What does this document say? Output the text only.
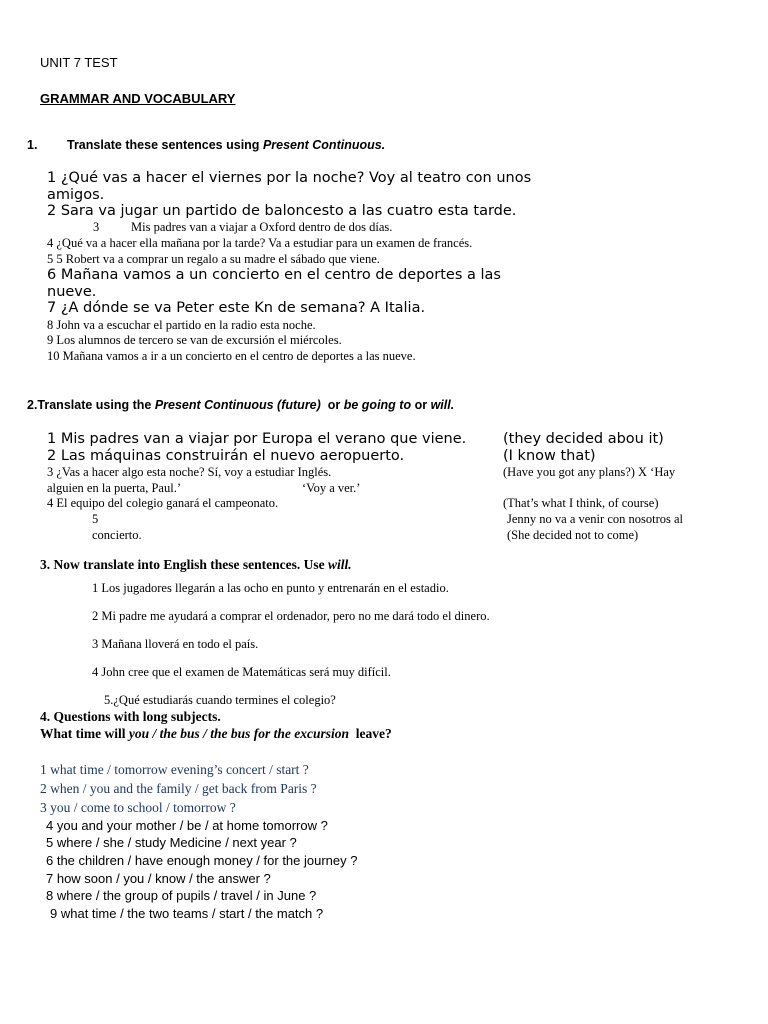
UNIT 7 TEST
GRAMMAR AND VOCABULARY
1. Translate these sentences using Present Continuous.
1 ¿Qué vas a hacer el viernes por la noche? Voy al teatro con unos
amigos.
2 Sara va jugar un partido de baloncesto a las cuatro esta tarde.
3	Mis padres van a viajar a Oxford dentro de dos días.
4 ¿Qué va a hacer ella mañana por la tarde? Va a estudiar para un examen de francés.
5 5 Robert va a comprar un regalo a su madre el sábado que viene.
6 Mañana vamos a un concierto en el centro de deportes a las
nueve.
7 ¿A dónde se va Peter este Kn de semana? A Italia.
8 John va a escuchar el partido en la radio esta noche.
9 Los alumnos de tercero se van de excursión el miércoles.
10 Mañana vamos a ir a un concierto en el centro de deportes a las nueve.
2.Translate using the Present Continuous (future) or be going to or will.
1 Mis padres van a viajar por Europa el verano que viene.	(they decided abou it)
2 Las máquinas construirán el nuevo aeropuerto.	(I know that)
3 ¿Vas a hacer algo esta noche? Sí, voy a estudiar Inglés.	(Have you got any plans?) X ‘Hay
alguien en la puerta, Paul.’	‘Voy a ver.’
4 El equipo del colegio ganará el campeonato.	(That’s what I think, of course)
5	Jenny no va a venir con nosotros al
concierto.	(She decided not to come)
3. Now translate into English these sentences. Use will.
1 Los jugadores llegarán a las ocho en punto y entrenarán en el estadio.
2 Mi padre me ayudará a comprar el ordenador, pero no me dará todo el dinero.
3 Mañana lloverá en todo el país.
4 John cree que el examen de Matemáticas será muy difícil.
5.¿Qué estudiarás cuando termines el colegio?
4. Questions with long subjects.
What time will you / the bus / the bus for the excursion leave?
1 what time / tomorrow evening’s concert / start ?
2 when / you and the family / get back from Paris ?
3 you / come to school / tomorrow ?
4 you and your mother / be / at home tomorrow ?
5 where / she / study Medicine / next year ?
6 the children / have enough money / for the journey ?
7 how soon / you / know / the answer ?
8 where / the group of pupils / travel / in June ?
9 what time / the two teams / start / the match ?
